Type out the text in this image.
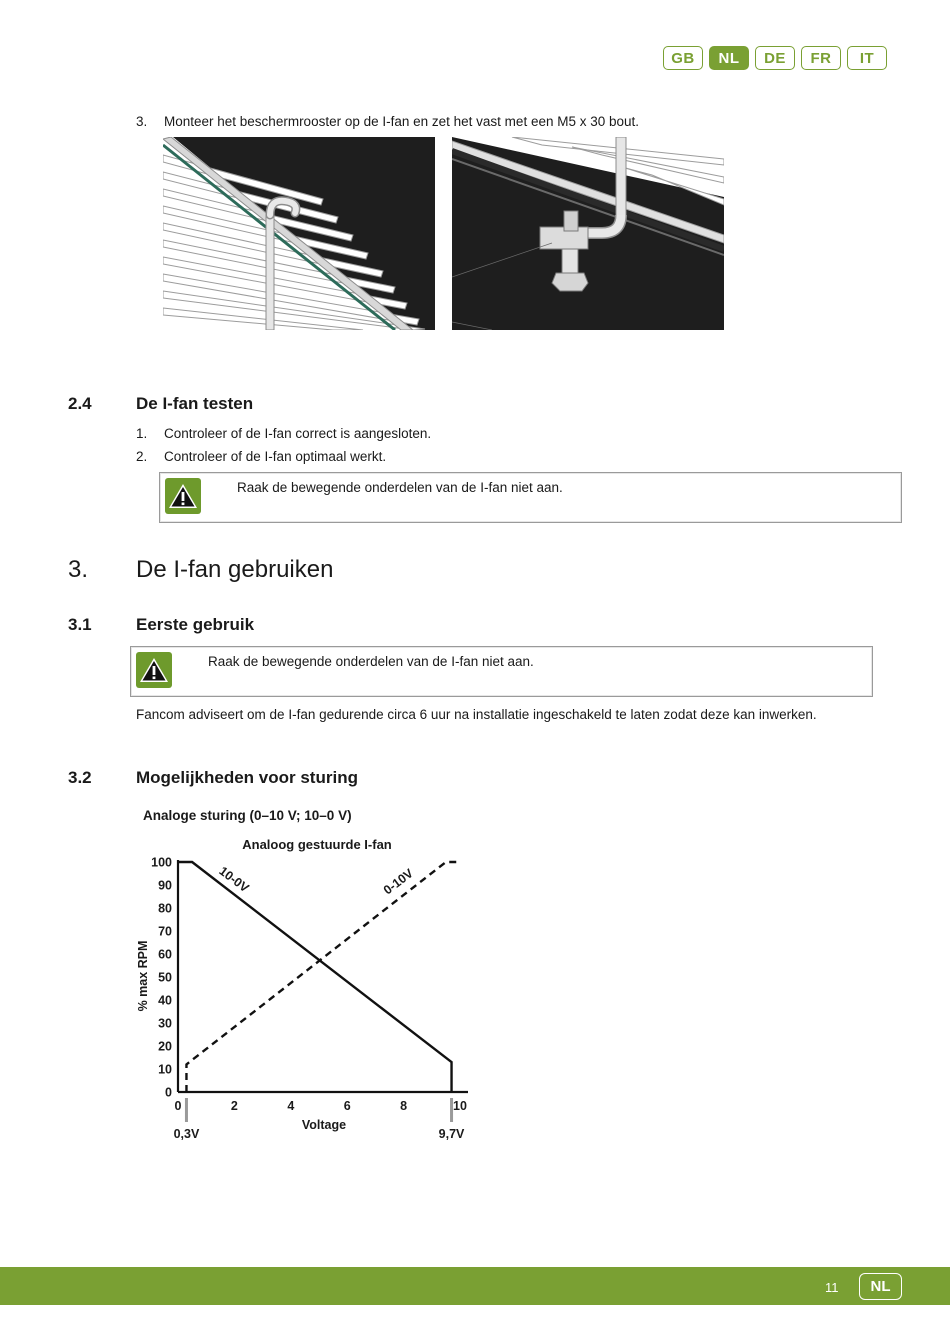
GB	NL	DE	FR	IT
3. Monteer het beschermrooster op de I-fan en zet het vast met een M5 x 30 bout.
2.4	De I-fan testen
1. Controleer of de I-fan correct is aangesloten.
2. Controleer of de I-fan optimaal werkt.
Raak de bewegende onderdelen van de I-fan niet aan.
3. De I-fan gebruiken
3.1	Eerste gebruik
Raak de bewegende onderdelen van de I-fan niet aan.
Fancom adviseert om de I-fan gedurende circa 6 uur na installatie ingeschakeld te laten zodat deze kan inwerken.
3.2	Mogelijkheden voor sturing
Analoge sturing (0–10 V; 10–0 V)
Analoog gestuurde I-fan
% max RPM
Voltage
0
10
20
30
40
50
60
70
80
90
100
0	2	4	6	8	10
0,3V	9,7V
10-0V	0-10V
11	NL
